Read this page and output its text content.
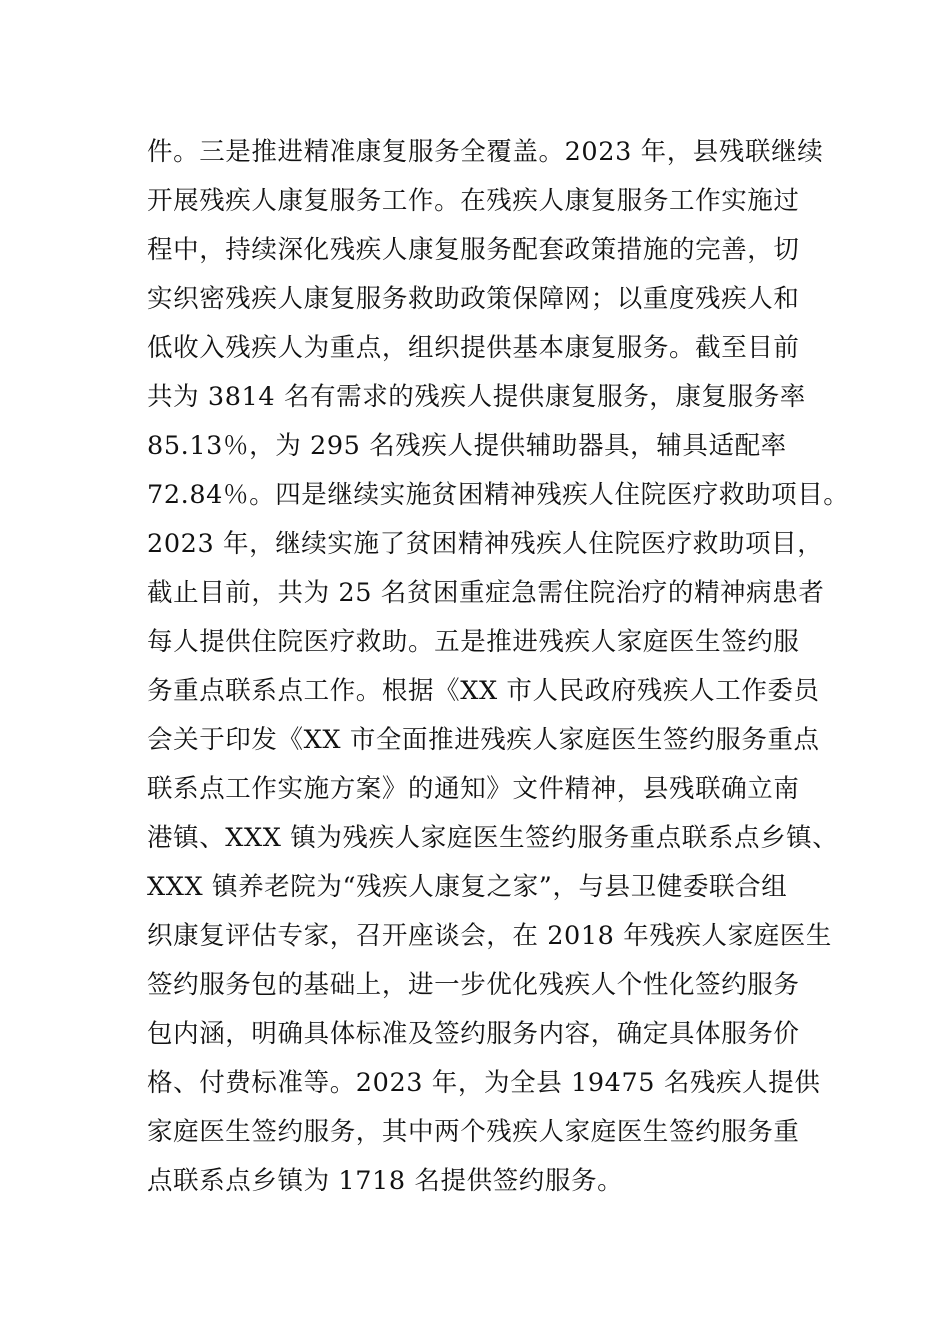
件。三是推进精准康复服务全覆盖。2023 年，县残联继续
开展残疾人康复服务工作。在残疾人康复服务工作实施过
程中，持续深化残疾人康复服务配套政策措施的完善，切
实织密残疾人康复服务救助政策保障网；以重度残疾人和
低收入残疾人为重点，组织提供基本康复服务。截至目前
共为 3814 名有需求的残疾人提供康复服务，康复服务率
85.13％，为 295 名残疾人提供辅助器具，辅具适配率
72.84％。四是继续实施贫困精神残疾人住院医疗救助项目。
2023 年，继续实施了贫困精神残疾人住院医疗救助项目，
截止目前，共为 25 名贫困重症急需住院治疗的精神病患者
每人提供住院医疗救助。五是推进残疾人家庭医生签约服
务重点联系点工作。根据《XX 市人民政府残疾人工作委员
会关于印发《XX 市全面推进残疾人家庭医生签约服务重点
联系点工作实施方案》的通知》文件精神，县残联确立南
港镇、XXX 镇为残疾人家庭医生签约服务重点联系点乡镇、
XXX 镇养老院为“残疾人康复之家”，与县卫健委联合组
织康复评估专家，召开座谈会，在 2018 年残疾人家庭医生
签约服务包的基础上，进一步优化残疾人个性化签约服务
包内涵，明确具体标准及签约服务内容，确定具体服务价
格、付费标准等。2023 年，为全县 19475 名残疾人提供
家庭医生签约服务，其中两个残疾人家庭医生签约服务重
点联系点乡镇为 1718 名提供签约服务。
